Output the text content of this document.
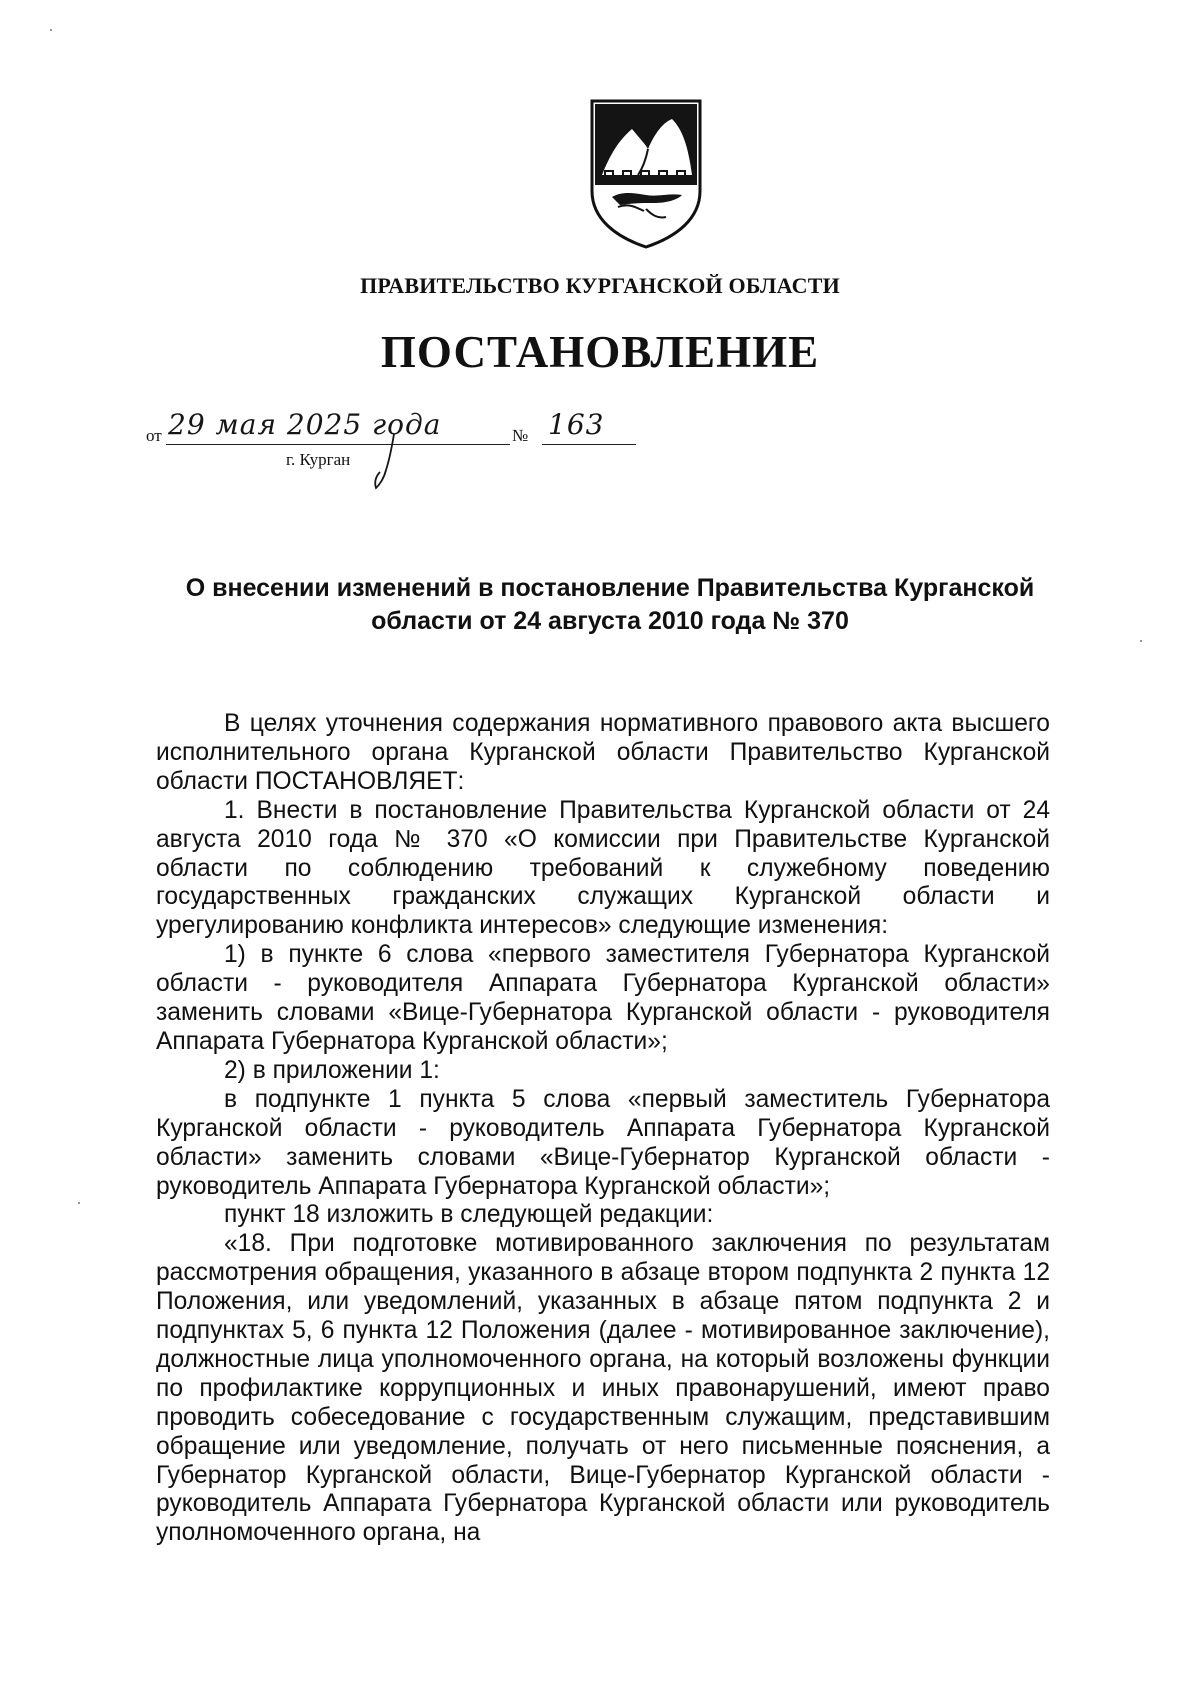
ПРАВИТЕЛЬСТВО КУРГАНСКОЙ ОБЛАСТИ
ПОСТАНОВЛЕНИЕ
от 29 мая 2025 года	№ 163
г. Курган
О внесении изменений в постановление Правительства Курганской
области от 24 августа 2010 года № 370

В целях уточнения содержания нормативного правового акта высшего исполнительного органа Курганской области Правительство Курганской области ПОСТАНОВЛЯЕТ:

1. Внести в постановление Правительства Курганской области от 24 августа 2010 года № 370 «О комиссии при Правительстве Курганской области по соблюдению требований к служебному поведению государственных гражданских служащих Курганской области и урегулированию конфликта интересов» следующие изменения:

1) в пункте 6 слова «первого заместителя Губернатора Курганской области - руководителя Аппарата Губернатора Курганской области» заменить словами «Вице-Губернатора Курганской области - руководителя Аппарата Губернатора Курганской области»;

2) в приложении 1:

в подпункте 1 пункта 5 слова «первый заместитель Губернатора Курганской области - руководитель Аппарата Губернатора Курганской области» заменить словами «Вице-Губернатор Курганской области - руководитель Аппарата Губернатора Курганской области»;

пункт 18 изложить в следующей редакции:

«18. При подготовке мотивированного заключения по результатам рассмотрения обращения, указанного в абзаце втором подпункта 2 пункта 12 Положения, или уведомлений, указанных в абзаце пятом подпункта 2 и подпунктах 5, 6 пункта 12 Положения (далее - мотивированное заключение), должностные лица уполномоченного органа, на который возложены функции по профилактике коррупционных и иных правонарушений, имеют право проводить собеседование с государственным служащим, представившим обращение или уведомление, получать от него письменные пояснения, а Губернатор Курганской области, Вице-Губернатор Курганской области - руководитель Аппарата Губернатора Курганской области или руководитель уполномоченного органа, на
